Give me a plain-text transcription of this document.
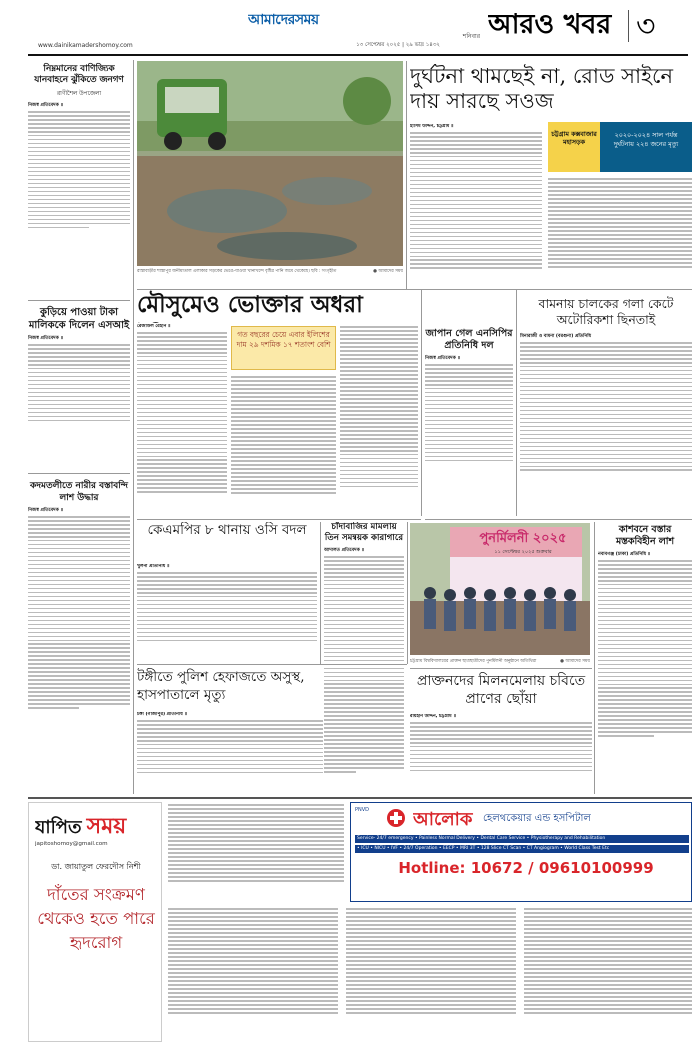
আমাদেরসময়
www.dainikamadershomoy.com	১৩ সেপ্টেম্বর ২০২৫ | ২৯ ভাদ্র ১৪৩২
শনিবার আরও খবর ৩
নিম্নমানের বাণিজ্যিক যানবাহনে ঝুঁকিতে জনগণ
রাণীশৈল উপজেলা
নিজস্ব প্রতিবেদক ॥
কুড়িয়ে পাওয়া টাকা মালিককে দিলেন এসআই
নিজস্ব প্রতিবেদক ॥
কদমতলীতে নারীর বস্তাবন্দি লাশ উদ্ধার
নিজস্ব প্রতিবেদক ॥
রাস্তাবাড়ীর শাস্তাপুর জনীমাতাল এলাকার সড়কের ভেঙে-যাওয়া খানাখন্দে বৃষ্টির পানি জমে থেকেছে। ছবি : সংগৃহীত	● আমাদের সময়
দুর্ঘটনা থামছেই না, রোড সাইনে দায় সারছে সওজ
হাসিম উদ্দিন, চট্টগ্রাম ॥
চট্টগ্রাম কক্সবাজার মহাসড়ক
২০২০-২০২৪ সাল পর্যন্ত দুর্ঘটনায় ২২৪ জনের মৃত্যু
মৌসুমেও ভোক্তার অধরা
রেজাউল রেহান ॥
গত বছরের চেয়ে এবার ইলিশের দাম ২৯ দশমিক ১৭ শতাংশ বেশি
জাপান গেল এনসিপির প্রতিনিধি দল
নিজস্ব প্রতিবেদক ॥
বামনায় চালকের গলা কেটে অটোরিকশা ছিনতাই
মিনারাজী ও বামনা (বরগুনা) প্রতিনিধি
কেএমপির ৮ থানায় ওসি বদল
খুলনা প্রতিনিধি ॥
চাঁদাবাজির মামলায় তিন সমন্বয়ক কারাগারে
আদালত প্রতিবেদক ॥
পুনর্মিলনী ২০২৫
১১ সেপ্টেম্বর ২০২৫ শুক্রবার
চট্টগ্রাম বিশ্ববিদ্যালয়ের প্রাক্তন ছাত্রছাত্রীদের পুনর্মিলনী অনুষ্ঠানে অতিথিরা	● আমাদের সময়
কাশবনে বস্তার মস্তকবিহীন লাশ
নবাবগঞ্জ (ঢাকা) প্রতিনিধি ॥
টঙ্গীতে পুলিশ হেফাজতে অসুস্থ, হাসপাতালে মৃত্যু
টঙ্গী (গাজীপুর) প্রতিনিধি ॥
প্রাক্তনদের মিলনমেলায় চবিতে প্রাণের ছোঁয়া
রায়হান উদ্দিন, চট্টগ্রাম ॥
যাপিত সময়
japitoshomoy@gmail.com
ডা. জায়াতুল ফেরদৌস নিশী
দাঁতের সংক্রমণ থেকেও হতে পারে হৃদরোগ
PNVD	আলোক	হেলথকেয়ার এন্ড হসপিটাল
Service- 24/7 emergency • Painless Normal Delivery • Dental Care Service • Physiotherapy and Rehabilitation
• ICU • NICU • IVF • 24/7 Operation • EECP • MRI 3T • 128 Slice CT Scan • CT Angiogram • World Class Test Etc
Hotline: 10672 / 09610100999
